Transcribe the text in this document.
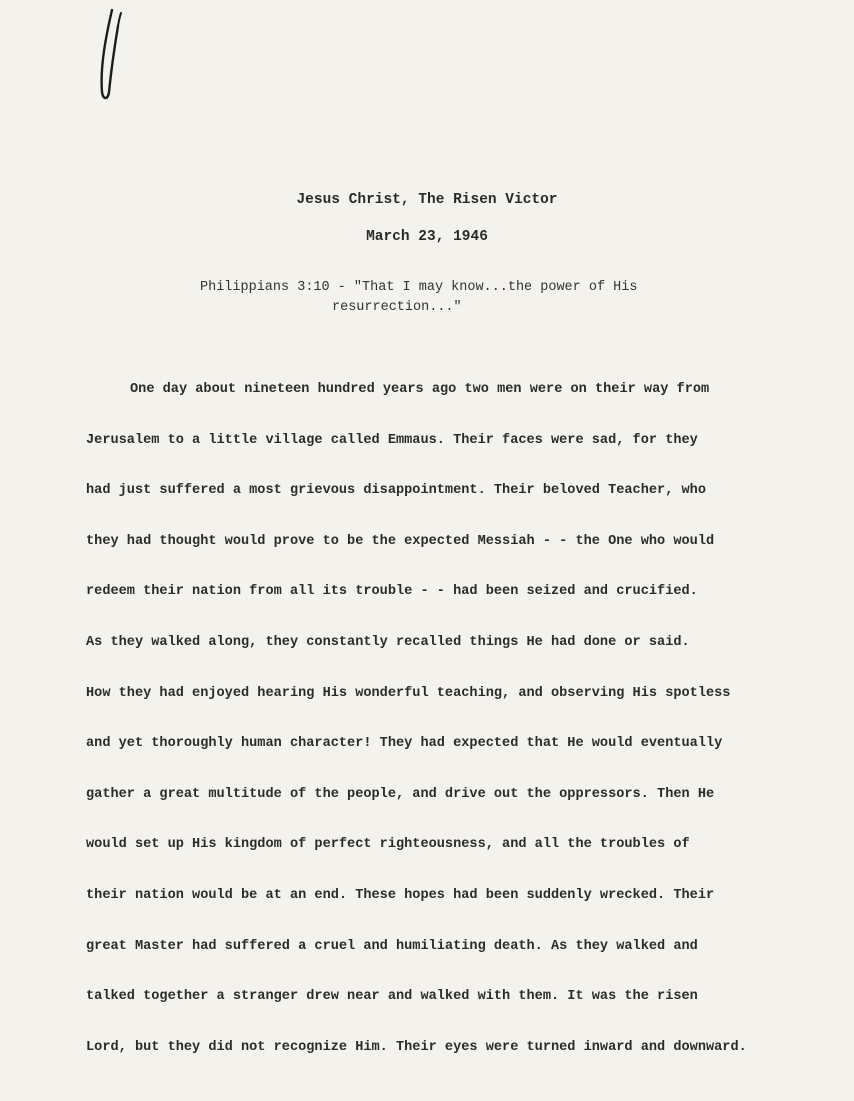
Jesus Christ, The Risen Victor
March 23, 1946
Philippians 3:10 - "That I may know...the power of His
resurrection..."
One day about nineteen hundred years ago two men were on their way from
Jerusalem to a little village called Emmaus. Their faces were sad, for they
had just suffered a most grievous disappointment. Their beloved Teacher, who
they had thought would prove to be the expected Messiah - - the One who would
redeem their nation from all its trouble - - had been seized and crucified.
As they walked along, they constantly recalled things He had done or said.
How they had enjoyed hearing His wonderful teaching, and observing His spotless
and yet thoroughly human character! They had expected that He would eventually
gather a great multitude of the people, and drive out the oppressors. Then He
would set up His kingdom of perfect righteousness, and all the troubles of
their nation would be at an end. These hopes had been suddenly wrecked. Their
great Master had suffered a cruel and humiliating death. As they walked and
talked together a stranger drew near and walked with them. It was the risen
Lord, but they did not recognize Him. Their eyes were turned inward and downward.
